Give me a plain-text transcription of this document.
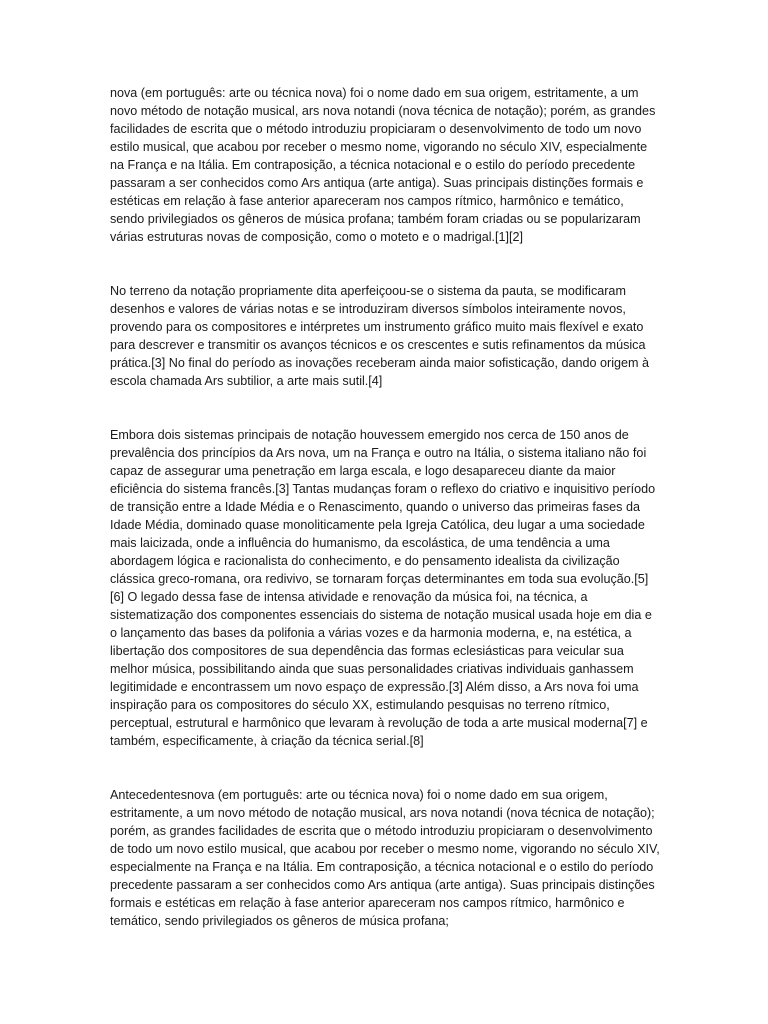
nova (em português: arte ou técnica nova) foi o nome dado em sua origem, estritamente, a um novo método de notação musical, ars nova notandi (nova técnica de notação); porém, as grandes facilidades de escrita que o método introduziu propiciaram o desenvolvimento de todo um novo estilo musical, que acabou por receber o mesmo nome, vigorando no século XIV, especialmente na França e na Itália. Em contraposição, a técnica notacional e o estilo do período precedente passaram a ser conhecidos como Ars antiqua (arte antiga). Suas principais distinções formais e estéticas em relação à fase anterior apareceram nos campos rítmico, harmônico e temático, sendo privilegiados os gêneros de música profana; também foram criadas ou se popularizaram várias estruturas novas de composição, como o moteto e o madrigal.[1][2]

No terreno da notação propriamente dita aperfeiçoou-se o sistema da pauta, se modificaram desenhos e valores de várias notas e se introduziram diversos símbolos inteiramente novos, provendo para os compositores e intérpretes um instrumento gráfico muito mais flexível e exato para descrever e transmitir os avanços técnicos e os crescentes e sutis refinamentos da música prática.[3] No final do período as inovações receberam ainda maior sofisticação, dando origem à escola chamada Ars subtilior, a arte mais sutil.[4]

Embora dois sistemas principais de notação houvessem emergido nos cerca de 150 anos de prevalência dos princípios da Ars nova, um na França e outro na Itália, o sistema italiano não foi capaz de assegurar uma penetração em larga escala, e logo desapareceu diante da maior eficiência do sistema francês.[3] Tantas mudanças foram o reflexo do criativo e inquisitivo período de transição entre a Idade Média e o Renascimento, quando o universo das primeiras fases da Idade Média, dominado quase monoliticamente pela Igreja Católica, deu lugar a uma sociedade mais laicizada, onde a influência do humanismo, da escolástica, de uma tendência a uma abordagem lógica e racionalista do conhecimento, e do pensamento idealista da civilização clássica greco-romana, ora redivivo, se tornaram forças determinantes em toda sua evolução.[5][6] O legado dessa fase de intensa atividade e renovação da música foi, na técnica, a sistematização dos componentes essenciais do sistema de notação musical usada hoje em dia e o lançamento das bases da polifonia a várias vozes e da harmonia moderna, e, na estética, a libertação dos compositores de sua dependência das formas eclesiásticas para veicular sua melhor música, possibilitando ainda que suas personalidades criativas individuais ganhassem legitimidade e encontrassem um novo espaço de expressão.[3] Além disso, a Ars nova foi uma inspiração para os compositores do século XX, estimulando pesquisas no terreno rítmico, perceptual, estrutural e harmônico que levaram à revolução de toda a arte musical moderna[7] e também, especificamente, à criação da técnica serial.[8]

Antecedentesnova (em português: arte ou técnica nova) foi o nome dado em sua origem, estritamente, a um novo método de notação musical, ars nova notandi (nova técnica de notação); porém, as grandes facilidades de escrita que o método introduziu propiciaram o desenvolvimento de todo um novo estilo musical, que acabou por receber o mesmo nome, vigorando no século XIV, especialmente na França e na Itália. Em contraposição, a técnica notacional e o estilo do período precedente passaram a ser conhecidos como Ars antiqua (arte antiga). Suas principais distinções formais e estéticas em relação à fase anterior apareceram nos campos rítmico, harmônico e temático, sendo privilegiados os gêneros de música profana;
